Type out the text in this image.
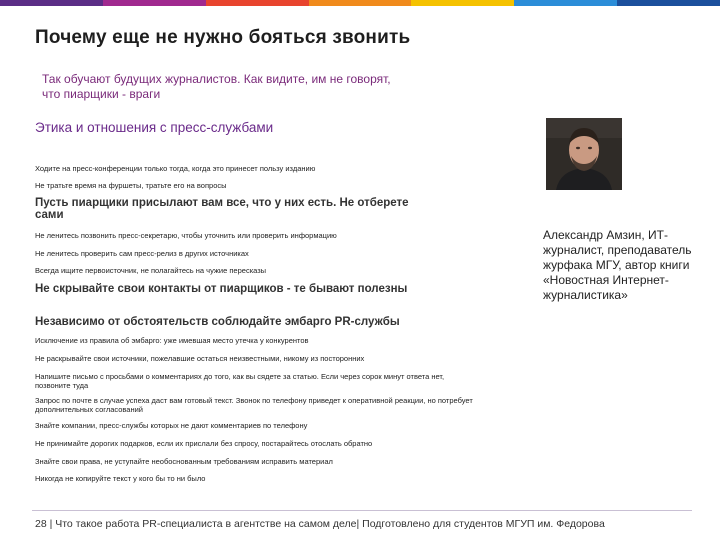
Почему еще не нужно бояться звонить
Так обучают будущих журналистов. Как видите, им не говорят, что пиарщики - враги
Этика и отношения с пресс-службами
Ходите на пресс-конференции только тогда, когда это принесет пользу изданию
Не тратьте время на фуршеты, тратьте его на вопросы
Пусть пиарщики присылают вам все, что у них есть. Не отберете сами
Не ленитесь позвонить пресс-секретарю, чтобы уточнить или проверить информацию
Не ленитесь проверить сам пресс-релиз в других источниках
Всегда ищите первоисточник, не полагайтесь на чужие пересказы
Не скрывайте свои контакты от пиарщиков - те бывают полезны
Независимо от обстоятельств соблюдайте эмбарго PR-службы
Исключение из правила об эмбарго: уже имевшая место утечка у конкурентов
Не раскрывайте свои источники, пожелавшие остаться неизвестными, никому из посторонних
Напишите письмо с просьбами о комментариях до того, как вы сядете за статью. Если через сорок минут ответа нет, позвоните туда
Запрос по почте в случае успеха даст вам готовый текст. Звонок по телефону приведет к оперативной реакции, но потребует дополнительных согласований
Знайте компании, пресс-службы которых не дают комментариев по телефону
Не принимайте дорогих подарков, если их прислали без спросу, постарайтесь отослать обратно
Знайте свои права, не уступайте необоснованным требованиям исправить материал
Никогда не копируйте текст у кого бы то ни было
Александр Амзин, ИТ-журналист, преподаватель журфака МГУ, автор книги «Новостная Интернет-журналистика»
28 | Что такое работа PR-специалиста в агентстве на самом деле| Подготовлено для студентов МГУП им. Федорова
